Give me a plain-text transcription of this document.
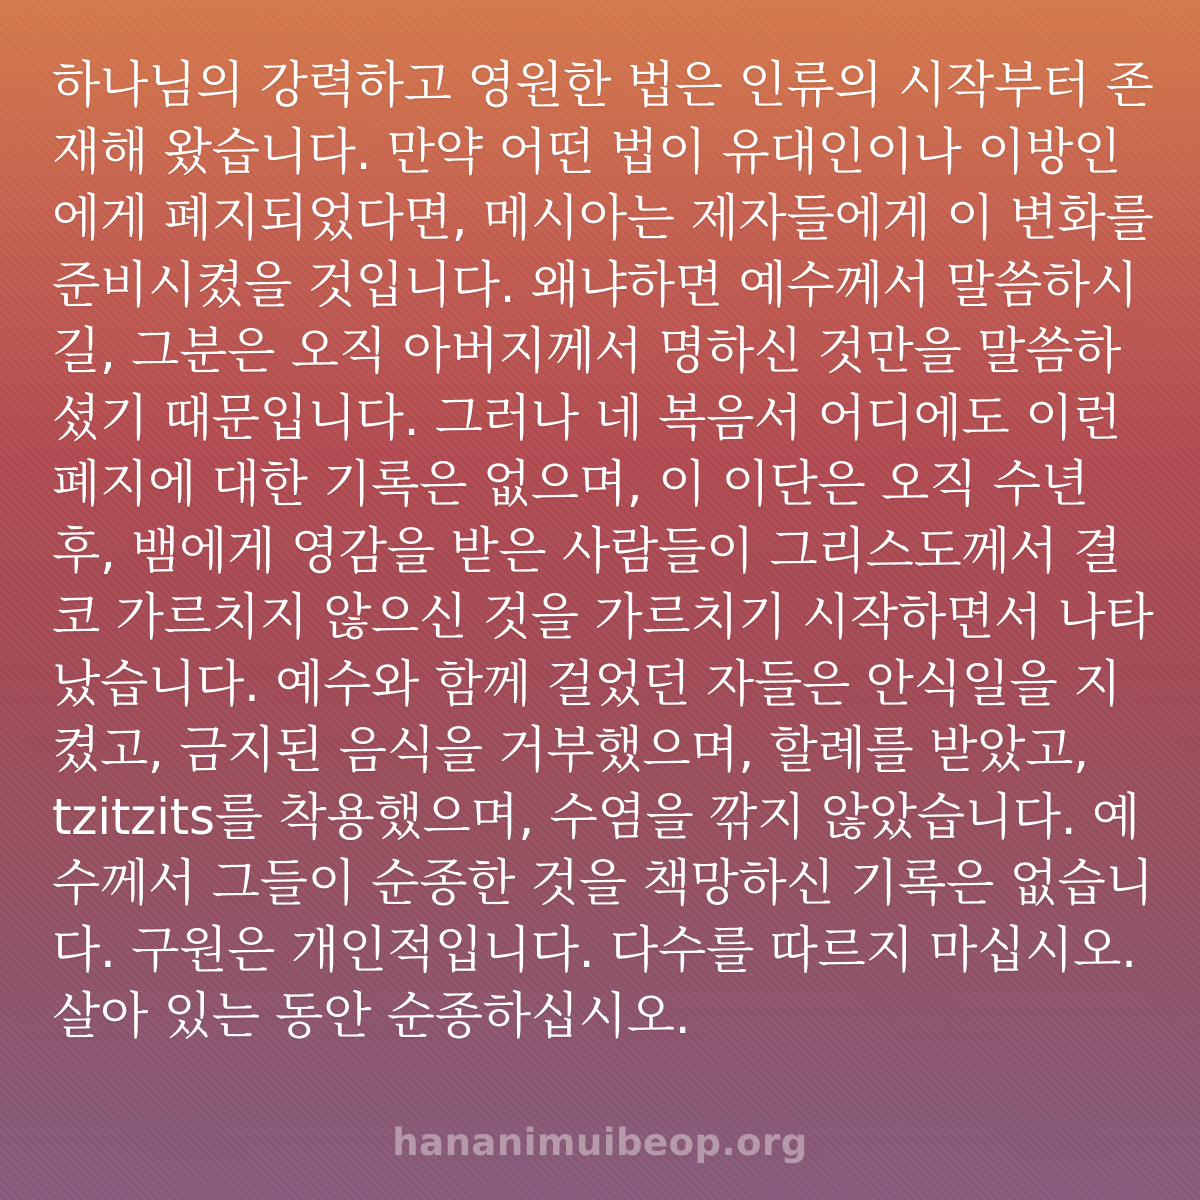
하나님의 강력하고 영원한 법은 인류의 시작부터 존재해 왔습니다. 만약 어떤 법이 유대인이나 이방인에게 폐지되었다면, 메시아는 제자들에게 이 변화를 준비시켰을 것입니다. 왜냐하면 예수께서 말씀하시길, 그분은 오직 아버지께서 명하신 것만을 말씀하셨기 때문입니다. 그러나 네 복음서 어디에도 이런 폐지에 대한 기록은 없으며, 이 이단은 오직 수년 후, 뱀에게 영감을 받은 사람들이 그리스도께서 결코 가르치지 않으신 것을 가르치기 시작하면서 나타났습니다. 예수와 함께 걸었던 자들은 안식일을 지켰고, 금지된 음식을 거부했으며, 할례를 받았고, tzitzits를 착용했으며, 수염을 깎지 않았습니다. 예수께서 그들이 순종한 것을 책망하신 기록은 없습니다. 구원은 개인적입니다. 다수를 따르지 마십시오. 살아 있는 동안 순종하십시오.
hananimuibeop.org
